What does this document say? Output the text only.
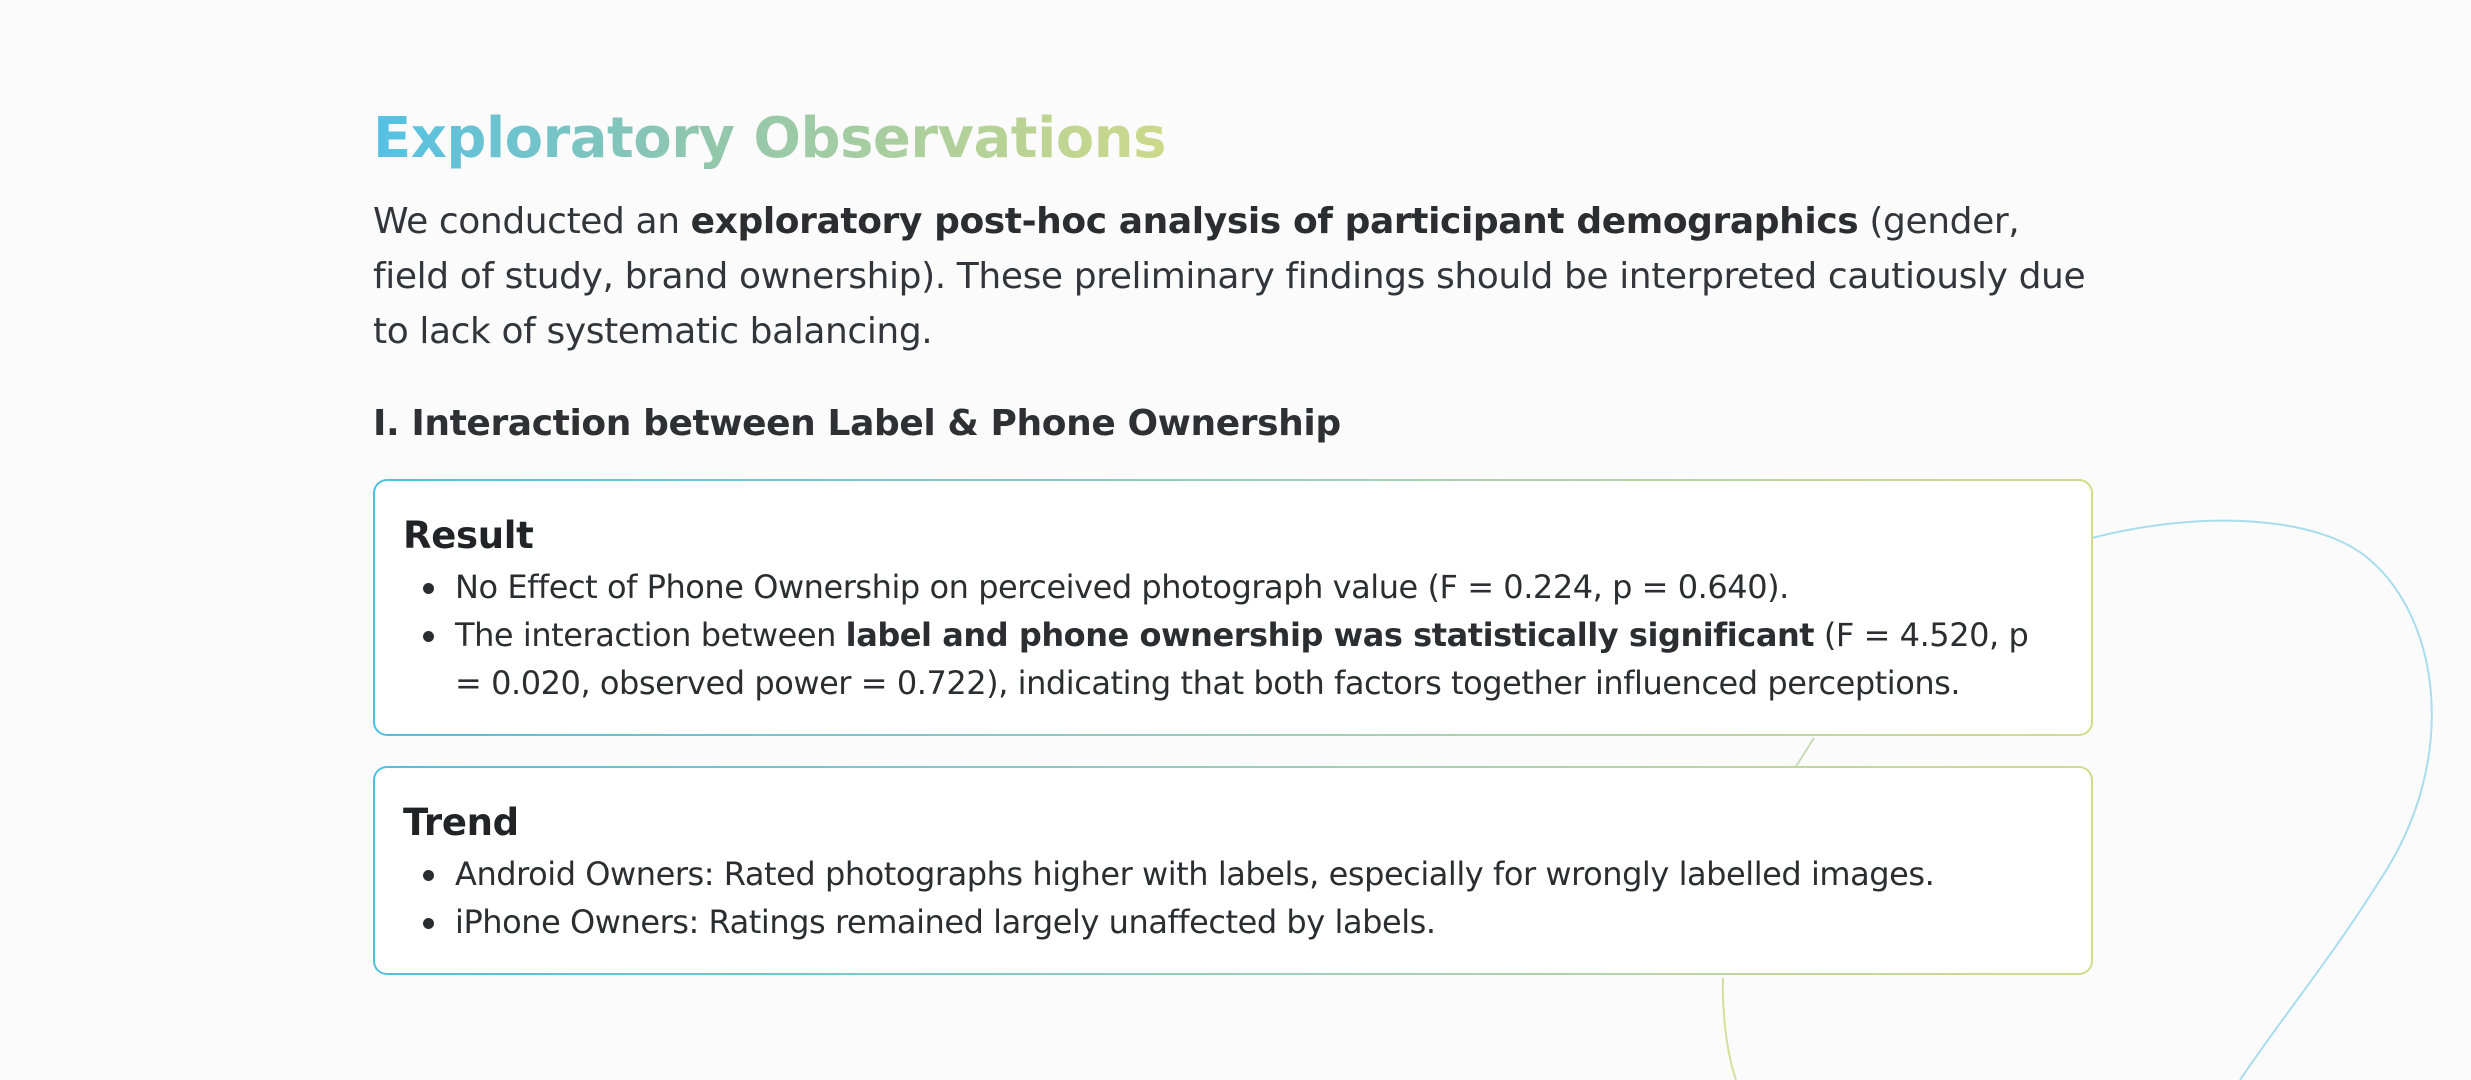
Exploratory Observations

We conducted an exploratory post-hoc analysis of participant demographics (gender, field of study, brand ownership). These preliminary findings should be interpreted cautiously due to lack of systematic balancing.

I. Interaction between Label & Phone Ownership
Result
No Effect of Phone Ownership on perceived photograph value (F = 0.224, p = 0.640).
The interaction between label and phone ownership was statistically significant (F = 4.520, p = 0.020, observed power = 0.722), indicating that both factors together influenced perceptions.
Trend
Android Owners: Rated photographs higher with labels, especially for wrongly labelled images.
iPhone Owners: Ratings remained largely unaffected by labels.
